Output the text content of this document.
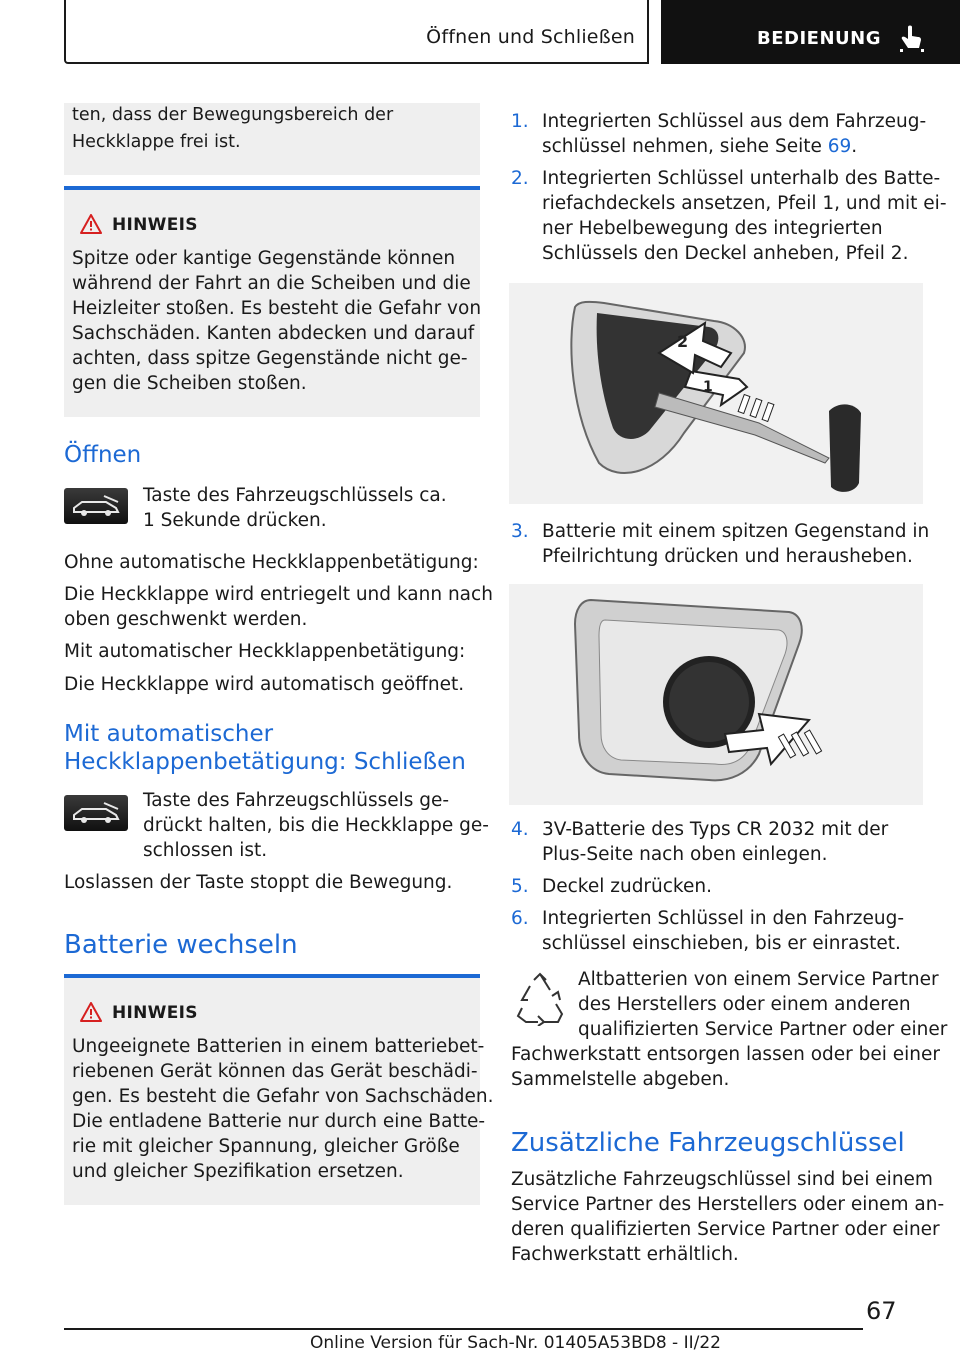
Öffnen und Schließen	BEDIENUNG
ten, dass der Bewegungsbereich der
Heckklappe frei ist.
HINWEIS
Spitze oder kantige Gegenstände können
während der Fahrt an die Scheiben und die
Heizleiter stoßen. Es besteht die Gefahr von
Sachschäden. Kanten abdecken und darauf
achten, dass spitze Gegenstände nicht ge-
gen die Scheiben stoßen.
Öffnen
Taste des Fahrzeugschlüssels ca.
1 Sekunde drücken.
Ohne automatische Heckklappenbetätigung:
Die Heckklappe wird entriegelt und kann nach
oben geschwenkt werden.
Mit automatischer Heckklappenbetätigung:
Die Heckklappe wird automatisch geöffnet.
Mit automatischer
Heckklappenbetätigung: Schließen
Taste des Fahrzeugschlüssels ge-
drückt halten, bis die Heckklappe ge-
schlossen ist.
Loslassen der Taste stoppt die Bewegung.
Batterie wechseln
HINWEIS
Ungeeignete Batterien in einem batteriebet-
riebenen Gerät können das Gerät beschädi-
gen. Es besteht die Gefahr von Sachschäden.
Die entladene Batterie nur durch eine Batte-
rie mit gleicher Spannung, gleicher Größe
und gleicher Spezifikation ersetzen.
1. Integrierten Schlüssel aus dem Fahrzeug-
schlüssel nehmen, siehe Seite 69.
2. Integrierten Schlüssel unterhalb des Batte-
riefachdeckels ansetzen, Pfeil 1, und mit ei-
ner Hebelbewegung des integrierten
Schlüssels den Deckel anheben, Pfeil 2.
1
2
3. Batterie mit einem spitzen Gegenstand in
Pfeilrichtung drücken und herausheben.
4. 3V-Batterie des Typs CR 2032 mit der
Plus-Seite nach oben einlegen.
5. Deckel zudrücken.
6. Integrierten Schlüssel in den Fahrzeug-
schlüssel einschieben, bis er einrastet.
Altbatterien von einem Service Partner
des Herstellers oder einem anderen
qualifizierten Service Partner oder einer
Fachwerkstatt entsorgen lassen oder bei einer
Sammelstelle abgeben.
Zusätzliche Fahrzeugschlüssel
Zusätzliche Fahrzeugschlüssel sind bei einem
Service Partner des Herstellers oder einem an-
deren qualifizierten Service Partner oder einer
Fachwerkstatt erhältlich.
67
Online Version für Sach-Nr. 01405A53BD8 - II/22
